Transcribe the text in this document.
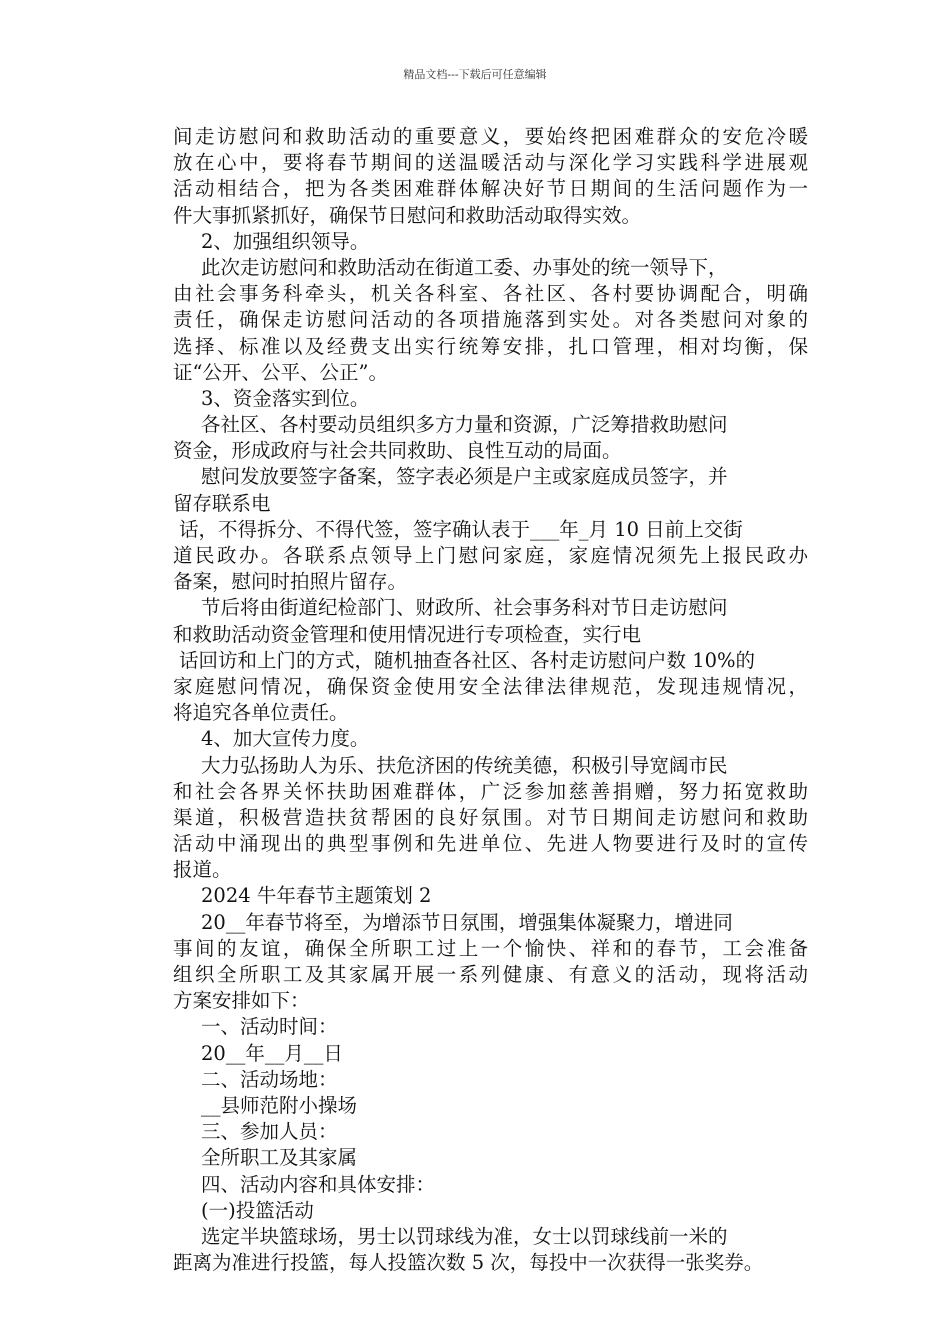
精品文档---下载后可任意编辑
间走访慰问和救助活动的重要意义，要始终把困难群众的安危冷暖
放在心中，要将春节期间的送温暖活动与深化学习实践科学进展观
活动相结合，把为各类困难群体解决好节日期间的生活问题作为一
件大事抓紧抓好，确保节日慰问和救助活动取得实效。
2、加强组织领导。
此次走访慰问和救助活动在街道工委、办事处的统一领导下，
由社会事务科牵头，机关各科室、各社区、各村要协调配合，明确
责任，确保走访慰问活动的各项措施落到实处。对各类慰问对象的
选择、标准以及经费支出实行统筹安排，扎口管理，相对均衡，保
证“公开、公平、公正”。
3、资金落实到位。
各社区、各村要动员组织多方力量和资源，广泛筹措救助慰问
资金，形成政府与社会共同救助、良性互动的局面。
慰问发放要签字备案，签字表必须是户主或家庭成员签字，并
留存联系电
话，不得拆分、不得代签，签字确认表于___年_月 10 日前上交街
道民政办。各联系点领导上门慰问家庭，家庭情况须先上报民政办
备案，慰问时拍照片留存。
节后将由街道纪检部门、财政所、社会事务科对节日走访慰问
和救助活动资金管理和使用情况进行专项检查，实行电
话回访和上门的方式，随机抽查各社区、各村走访慰问户数 10%的
家庭慰问情况，确保资金使用安全法律法律规范，发现违规情况，
将追究各单位责任。
4、加大宣传力度。
大力弘扬助人为乐、扶危济困的传统美德，积极引导宽阔市民
和社会各界关怀扶助困难群体，广泛参加慈善捐赠，努力拓宽救助
渠道，积极营造扶贫帮困的良好氛围。对节日期间走访慰问和救助
活动中涌现出的典型事例和先进单位、先进人物要进行及时的宣传
报道。
2024 牛年春节主题策划 2
20__年春节将至，为增添节日氛围，增强集体凝聚力，增进同
事间的友谊，确保全所职工过上一个愉快、祥和的春节，工会准备
组织全所职工及其家属开展一系列健康、有意义的活动，现将活动
方案安排如下：
一、活动时间：
20__年__月__日
二、活动场地：
__县师范附小操场
三、参加人员：
全所职工及其家属
四、活动内容和具体安排：
(一)投篮活动
选定半块篮球场，男士以罚球线为准，女士以罚球线前一米的
距离为准进行投篮，每人投篮次数 5 次，每投中一次获得一张奖券。
